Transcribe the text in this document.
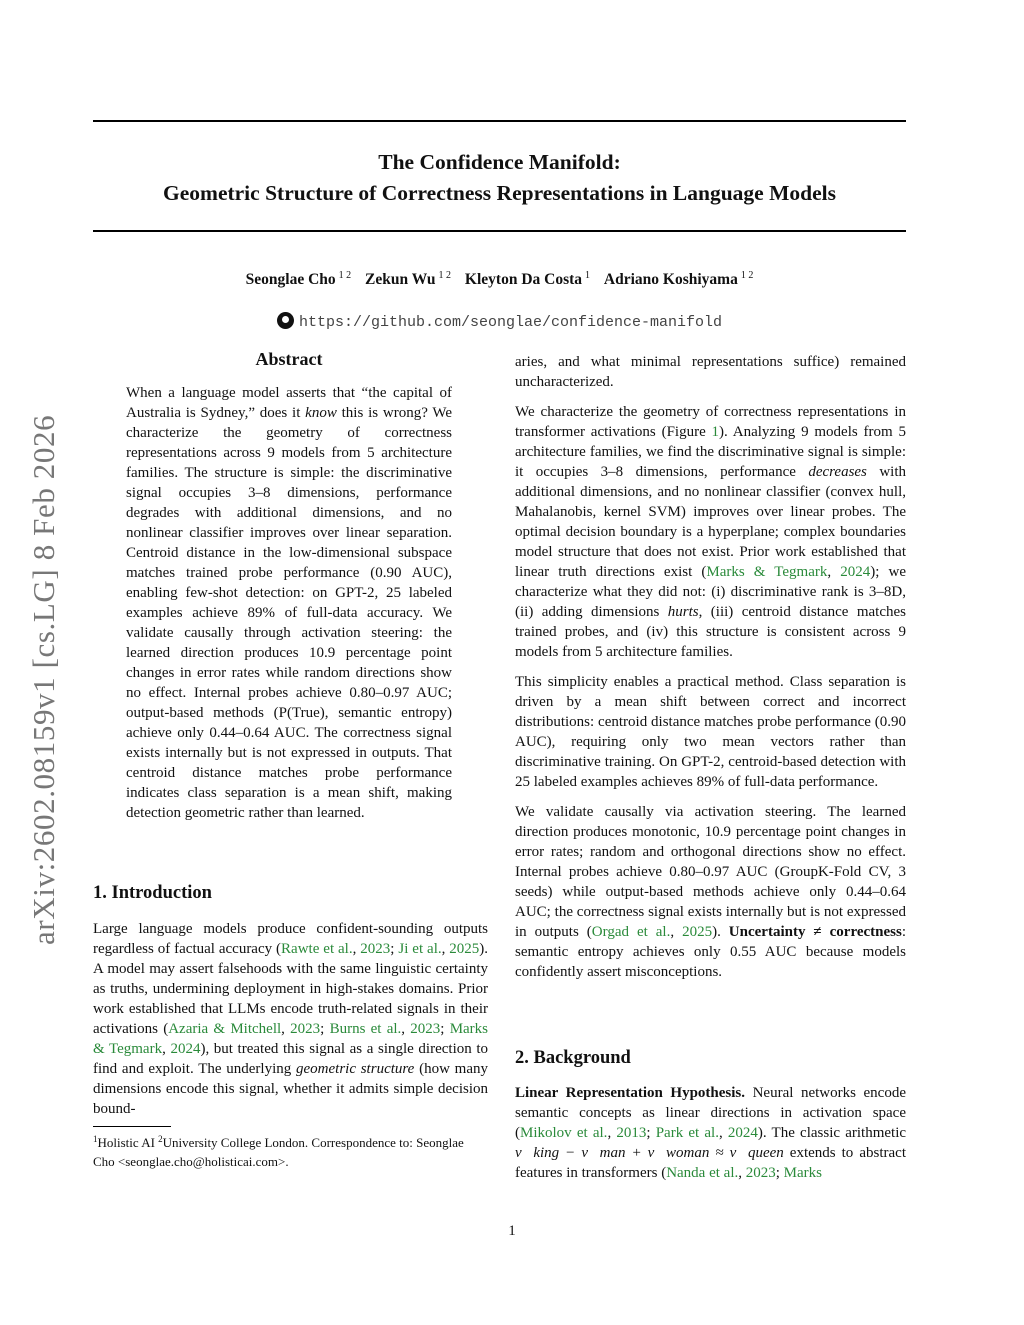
The Confidence Manifold:
Geometric Structure of Correctness Representations in Language Models
Seonglae Cho $^{1 2}$ Zekun Wu $^{1 2}$ Kleyton Da Costa $^1$ Adriano Koshiyama $^{1 2}$
https://github.com/seonglae/confidence-manifold
arXiv:2602.08159v1 [cs.LG] 8 Feb 2026
Abstract

When a language model asserts that “the capital of Australia is Sydney,” does it know this is wrong? We characterize the geometry of correctness representations across 9 models from 5 architecture families. The structure is simple: the discriminative signal occupies 3–8 dimensions, performance degrades with additional dimensions, and no nonlinear classifier improves over linear separation. Centroid distance in the low-dimensional subspace matches trained probe performance (0.90 AUC), enabling few-shot detection: on GPT-2, 25 labeled examples achieve 89% of full-data accuracy. We validate causally through activation steering: the learned direction produces 10.9 percentage point changes in error rates while random directions show no effect. Internal probes achieve 0.80–0.97 AUC; output-based methods (P(True), semantic entropy) achieve only 0.44–0.64 AUC. The correctness signal exists internally but is not expressed in outputs. That centroid distance matches probe performance indicates class separation is a mean shift, making detection geometric rather than learned.

1. Introduction

Large language models produce confident-sounding outputs regardless of factual accuracy (Rawte et al., 2023; Ji et al., 2025). A model may assert falsehoods with the same linguistic certainty as truths, undermining deployment in high-stakes domains. Prior work established that LLMs encode truth-related signals in their activations (Azaria & Mitchell, 2023; Burns et al., 2023; Marks & Tegmark, 2024), but treated this signal as a single direction to find and exploit. The underlying geometric structure (how many dimensions encode this signal, whether it admits simple decision bound-

$^1$Holistic AI $^2$University College London. Correspondence to: Seonglae Cho <seonglae.cho@holisticai.com>.

aries, and what minimal representations suffice) remained uncharacterized.

We characterize the geometry of correctness representations in transformer activations (Figure 1). Analyzing 9 models from 5 architecture families, we find the discriminative signal is simple: it occupies 3–8 dimensions, performance decreases with additional dimensions, and no nonlinear classifier (convex hull, Mahalanobis, kernel SVM) improves over linear probes. The optimal decision boundary is a hyperplane; complex boundaries model structure that does not exist. Prior work established that linear truth directions exist (Marks & Tegmark, 2024); we characterize what they did not: (i) discriminative rank is 3–8D, (ii) adding dimensions hurts, (iii) centroid distance matches trained probes, and (iv) this structure is consistent across 9 models from 5 architecture families.

This simplicity enables a practical method. Class separation is driven by a mean shift between correct and incorrect distributions: centroid distance matches probe performance (0.90 AUC), requiring only two mean vectors rather than discriminative training. On GPT-2, centroid-based detection with 25 labeled examples achieves 89% of full-data performance.

We validate causally via activation steering. The learned direction produces monotonic, 10.9 percentage point changes in error rates; random and orthogonal directions show no effect. Internal probes achieve 0.80–0.97 AUC (GroupK-Fold CV, 3 seeds) while output-based methods achieve only 0.44–0.64 AUC; the correctness signal exists internally but is not expressed in outputs (Orgad et al., 2025). Uncertainty ≠ correctness: semantic entropy achieves only 0.55 AUC because models confidently assert misconceptions.

2. Background

Linear Representation Hypothesis. Neural networks encode semantic concepts as linear directions in activation space (Mikolov et al., 2013; Park et al., 2024). The classic arithmetic v⃗king − v⃗man + v⃗woman ≈ v⃗queen extends to abstract features in transformers (Nanda et al., 2023; Marks

1
